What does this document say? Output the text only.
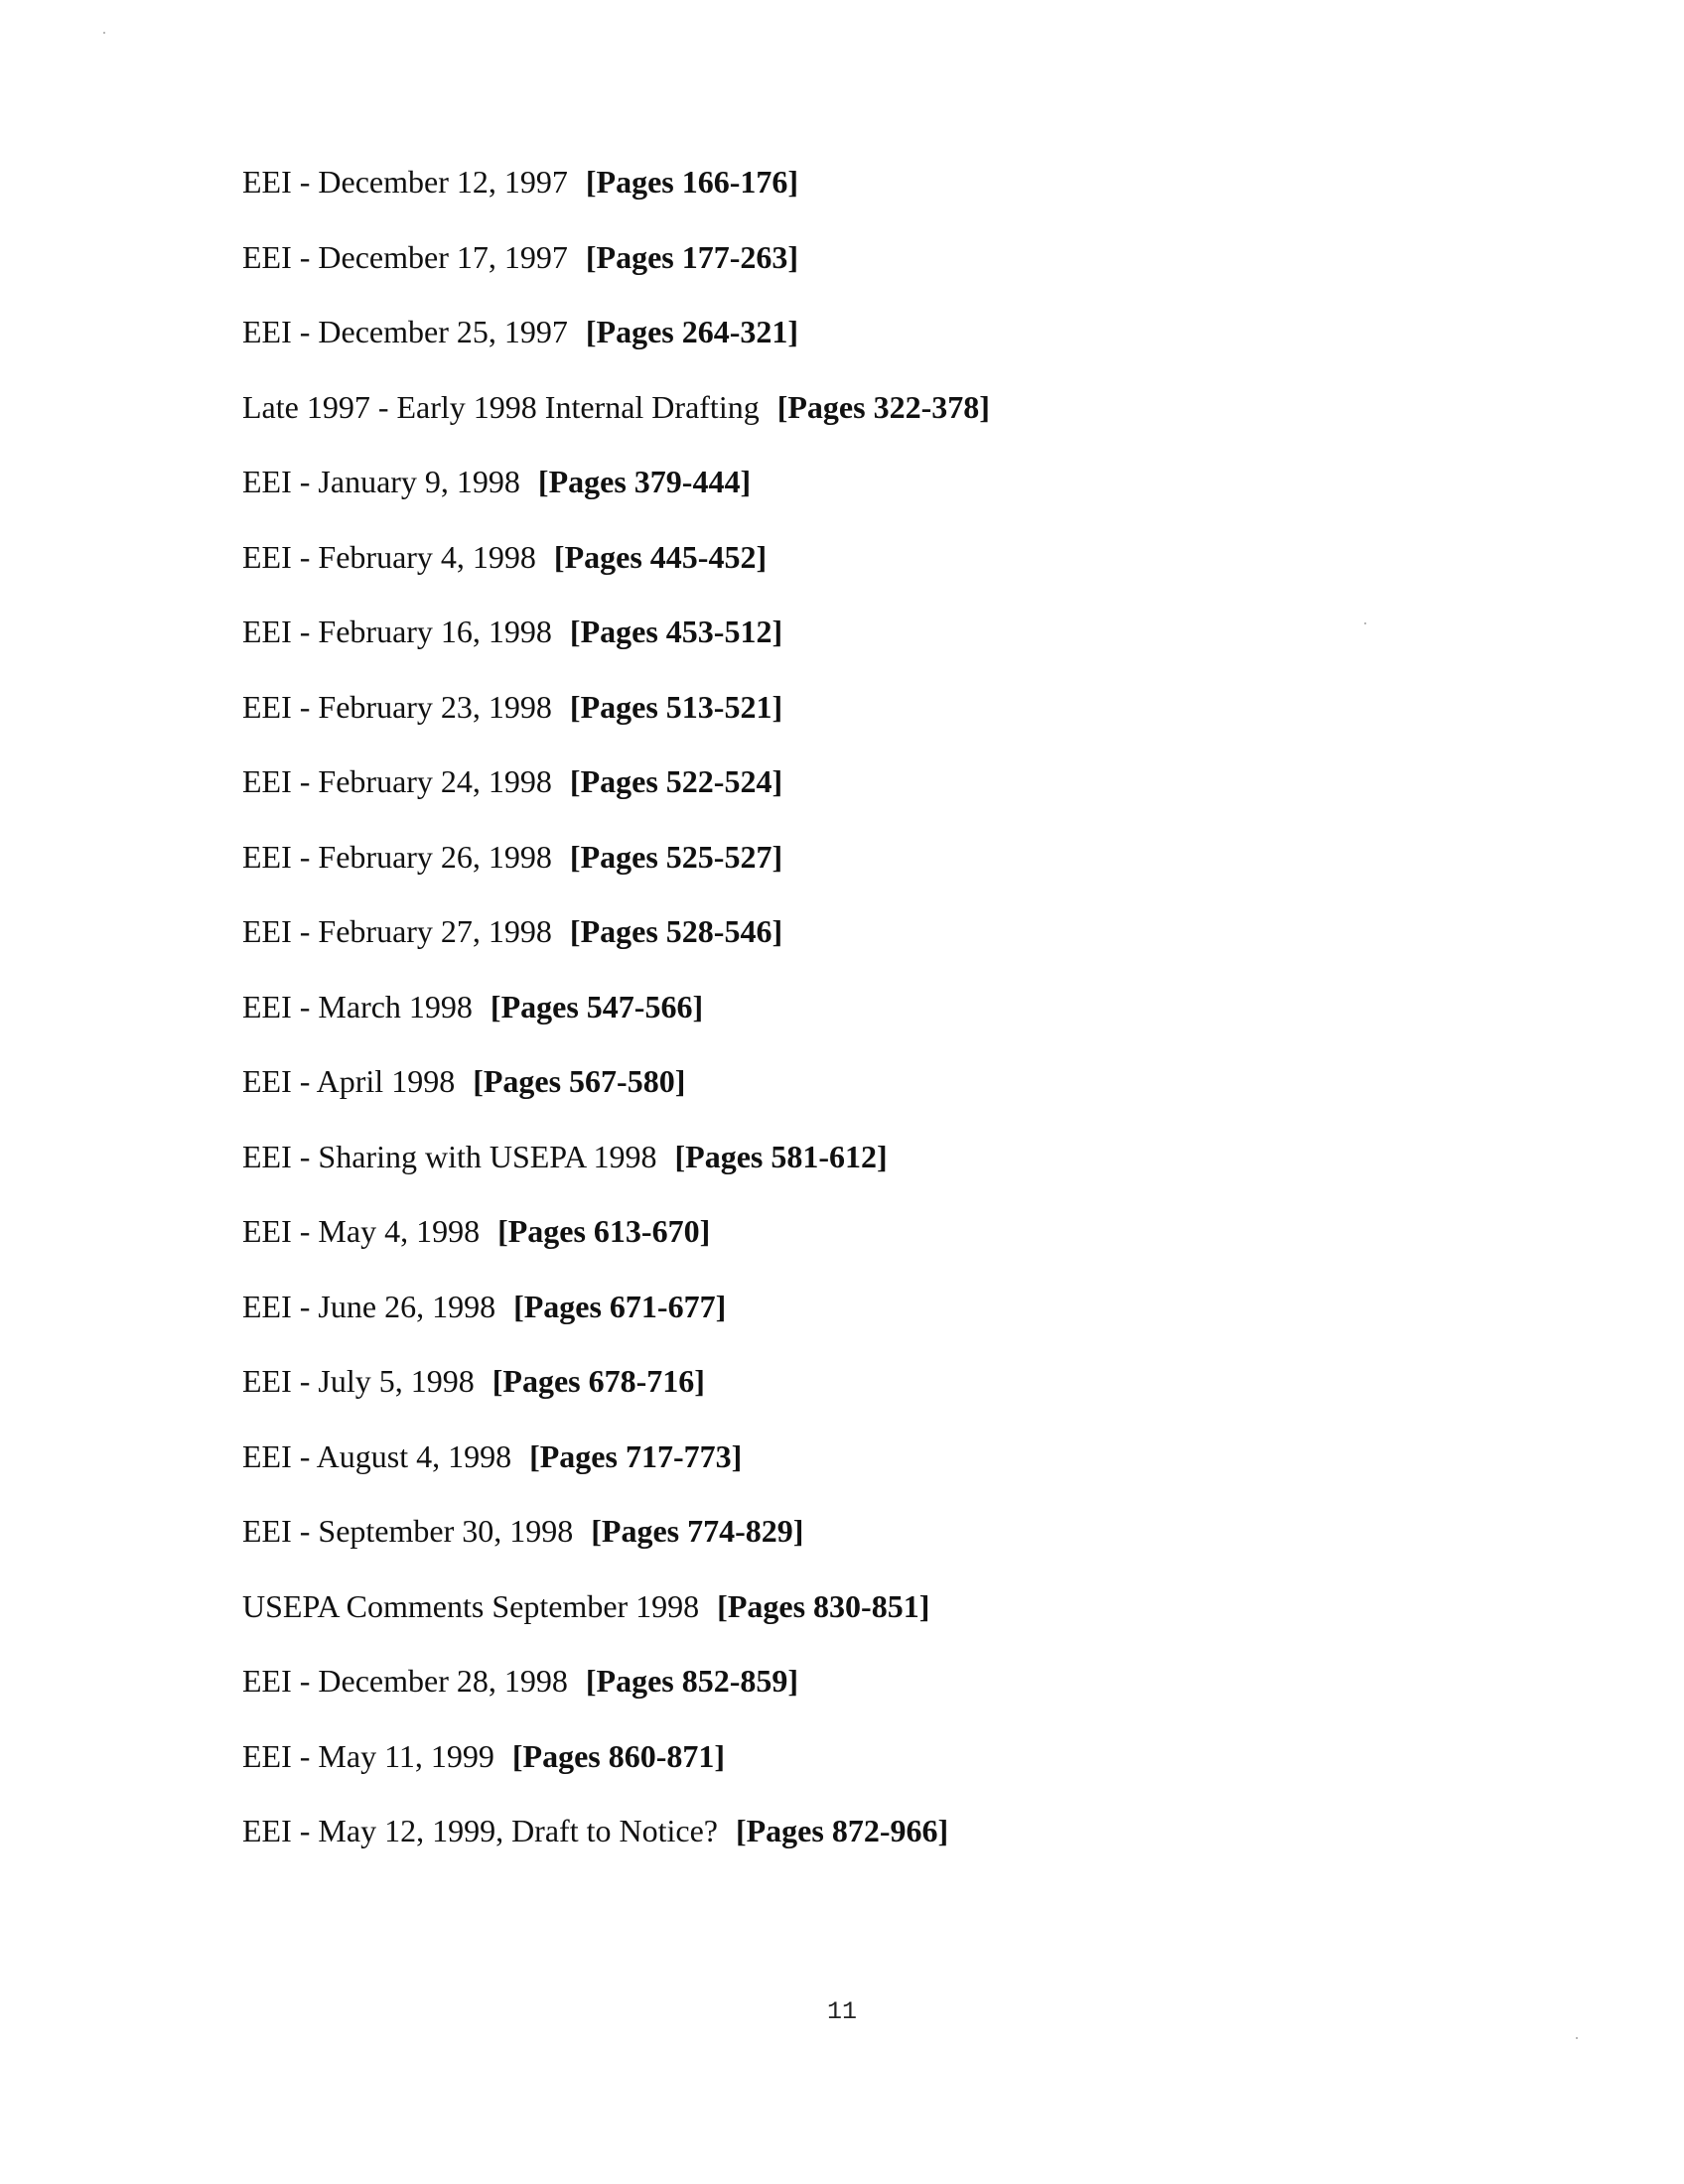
EEI - December 12, 1997 [Pages 166-176]
EEI - December 17, 1997 [Pages 177-263]
EEI - December 25, 1997 [Pages 264-321]
Late 1997 - Early 1998 Internal Drafting [Pages 322-378]
EEI - January 9, 1998 [Pages 379-444]
EEI - February 4, 1998 [Pages 445-452]
EEI - February 16, 1998 [Pages 453-512]
EEI - February 23, 1998 [Pages 513-521]
EEI - February 24, 1998 [Pages 522-524]
EEI - February 26, 1998 [Pages 525-527]
EEI - February 27, 1998 [Pages 528-546]
EEI - March 1998 [Pages 547-566]
EEI - April 1998 [Pages 567-580]
EEI - Sharing with USEPA 1998 [Pages 581-612]
EEI - May 4, 1998 [Pages 613-670]
EEI - June 26, 1998 [Pages 671-677]
EEI - July 5, 1998 [Pages 678-716]
EEI - August 4, 1998 [Pages 717-773]
EEI - September 30, 1998 [Pages 774-829]
USEPA Comments September 1998 [Pages 830-851]
EEI - December 28, 1998 [Pages 852-859]
EEI - May 11, 1999 [Pages 860-871]
EEI - May 12, 1999, Draft to Notice? [Pages 872-966]
11
